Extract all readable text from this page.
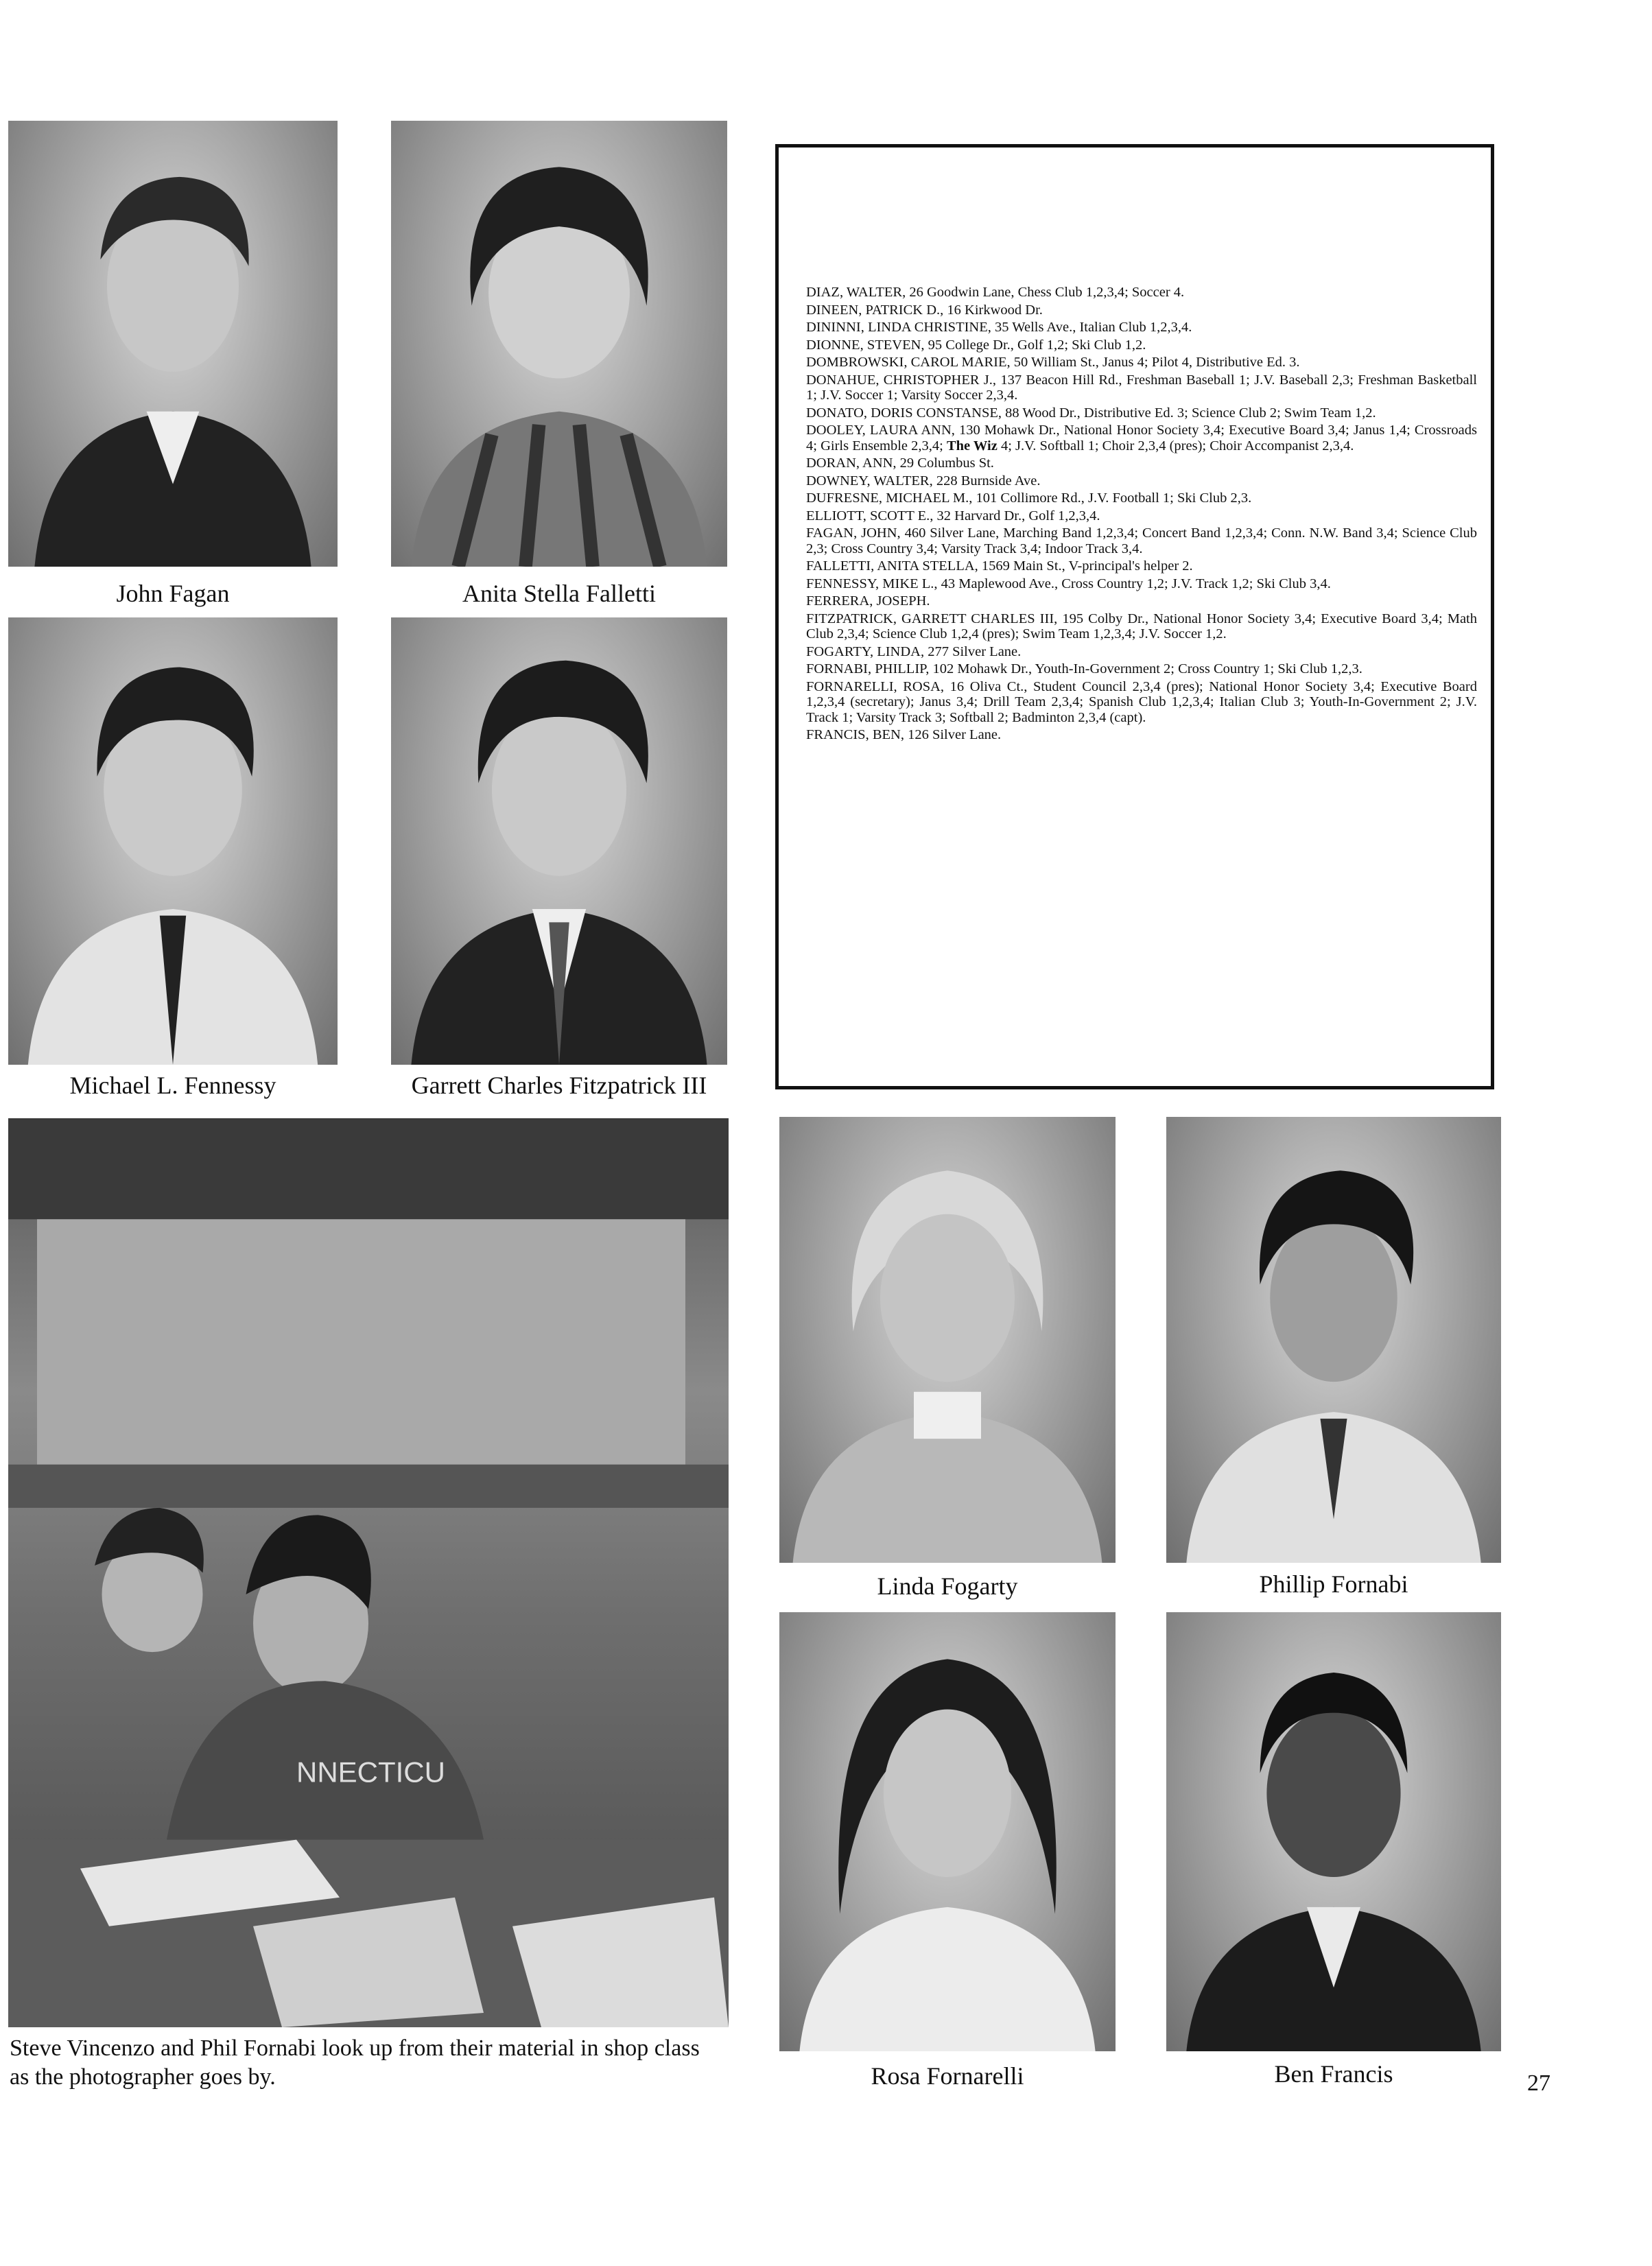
John Fagan	Anita Stella Falletti
Michael L. Fennessy	Garrett Charles Fitzpatrick III
DIAZ, WALTER, 26 Goodwin Lane, Chess Club 1,2,3,4; Soccer 4.
DINEEN, PATRICK D., 16 Kirkwood Dr.
DININNI, LINDA CHRISTINE, 35 Wells Ave., Italian Club 1,2,3,4.
DIONNE, STEVEN, 95 College Dr., Golf 1,2; Ski Club 1,2.
DOMBROWSKI, CAROL MARIE, 50 William St., Janus 4; Pilot 4, Distributive Ed. 3.
DONAHUE, CHRISTOPHER J., 137 Beacon Hill Rd., Freshman Baseball 1; J.V. Baseball 2,3; Freshman Basketball 1; J.V. Soccer 1; Varsity Soccer 2,3,4.
DONATO, DORIS CONSTANSE, 88 Wood Dr., Distributive Ed. 3; Science Club 2; Swim Team 1,2.
DOOLEY, LAURA ANN, 130 Mohawk Dr., National Honor Society 3,4; Executive Board 3,4; Janus 1,4; Crossroads 4; Girls Ensemble 2,3,4; The Wiz 4; J.V. Softball 1; Choir 2,3,4 (pres); Choir Accompanist 2,3,4.
DORAN, ANN, 29 Columbus St.
DOWNEY, WALTER, 228 Burnside Ave.
DUFRESNE, MICHAEL M., 101 Collimore Rd., J.V. Football 1; Ski Club 2,3.
ELLIOTT, SCOTT E., 32 Harvard Dr., Golf 1,2,3,4.
FAGAN, JOHN, 460 Silver Lane, Marching Band 1,2,3,4; Concert Band 1,2,3,4; Conn. N.W. Band 3,4; Science Club 2,3; Cross Country 3,4; Varsity Track 3,4; Indoor Track 3,4.
FALLETTI, ANITA STELLA, 1569 Main St., V-principal's helper 2.
FENNESSY, MIKE L., 43 Maplewood Ave., Cross Country 1,2; J.V. Track 1,2; Ski Club 3,4.
FERRERA, JOSEPH.
FITZPATRICK, GARRETT CHARLES III, 195 Colby Dr., National Honor Society 3,4; Executive Board 3,4; Math Club 2,3,4; Science Club 1,2,4 (pres); Swim Team 1,2,3,4; J.V. Soccer 1,2.
FOGARTY, LINDA, 277 Silver Lane.
FORNABI, PHILLIP, 102 Mohawk Dr., Youth-In-Government 2; Cross Country 1; Ski Club 1,2,3.
FORNARELLI, ROSA, 16 Oliva Ct., Student Council 2,3,4 (pres); National Honor Society 3,4; Executive Board 1,2,3,4 (secretary); Janus 3,4; Drill Team 2,3,4; Spanish Club 1,2,3,4; Italian Club 3; Youth-In-Government 2; J.V. Track 1; Varsity Track 3; Softball 2; Badminton 2,3,4 (capt).
FRANCIS, BEN, 126 Silver Lane.
NNECTICU
Steve Vincenzo and Phil Fornabi look up from their material in shop class
as the photographer goes by.
Linda Fogarty	Phillip Fornabi
Rosa Fornarelli	Ben Francis	27
